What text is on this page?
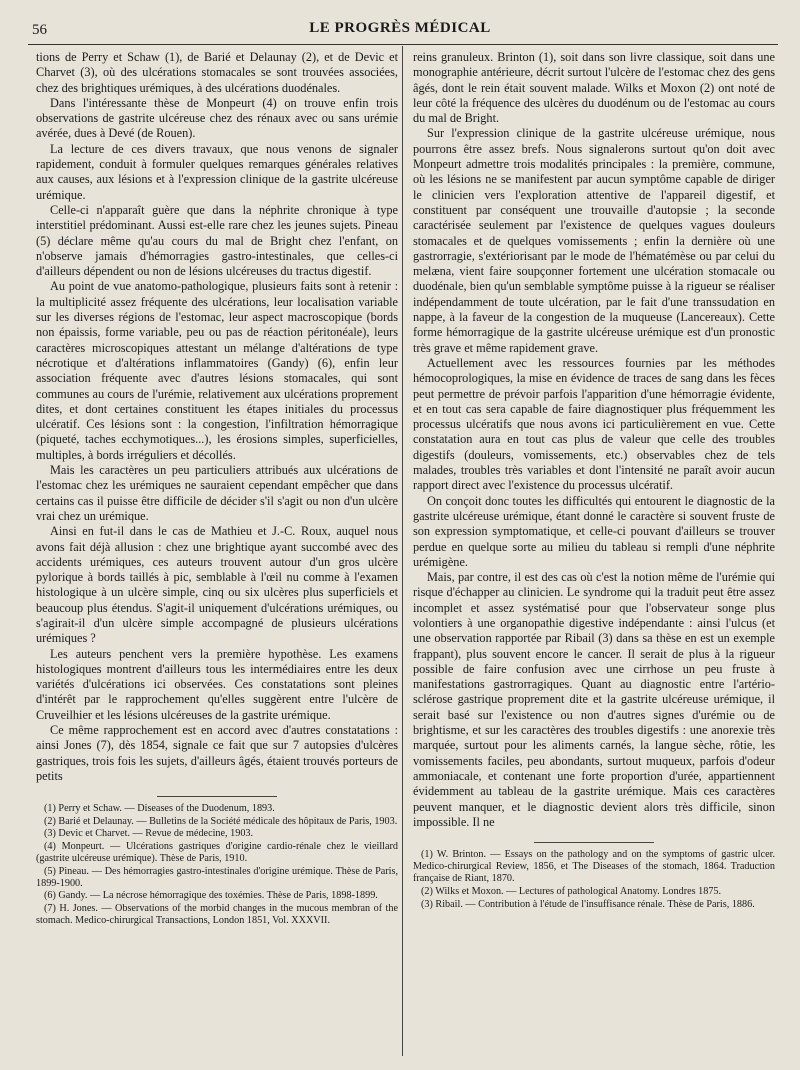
56	LE PROGRÈS MÉDICAL

tions de Perry et Schaw (1), de Barié et Delaunay (2), et de Devic et Charvet (3), où des ulcérations stomacales se sont trouvées associées, chez des brightiques urémiques, à des ulcérations duodénales.

Dans l'intéressante thèse de Monpeurt (4) on trouve enfin trois observations de gastrite ulcéreuse chez des rénaux avec ou sans urémie avérée, dues à Devé (de Rouen).

La lecture de ces divers travaux, que nous venons de signaler rapidement, conduit à formuler quelques remarques générales relatives aux causes, aux lésions et à l'expression clinique de la gastrite ulcéreuse urémique.

Celle-ci n'apparaît guère que dans la néphrite chronique à type interstitiel prédominant. Aussi est-elle rare chez les jeunes sujets. Pineau (5) déclare même qu'au cours du mal de Bright chez l'enfant, on n'observe jamais d'hémorragies gastro-intestinales, que celles-ci d'ailleurs dépendent ou non de lésions ulcéreuses du tractus digestif.

Au point de vue anatomo-pathologique, plusieurs faits sont à retenir : la multiplicité assez fréquente des ulcérations, leur localisation variable sur les diverses régions de l'estomac, leur aspect macroscopique (bords non épaissis, forme variable, peu ou pas de réaction péritonéale), leurs caractères microscopiques attestant un mélange d'altérations de type nécrotique et d'altérations inflammatoires (Gandy) (6), enfin leur association fréquente avec d'autres lésions stomacales, qui sont communes au cours de l'urémie, relativement aux ulcérations proprement dites, et dont certaines constituent les étapes initiales du processus ulcératif. Ces lésions sont : la congestion, l'infiltration hémorragique (piqueté, taches ecchymotiques...), les érosions simples, superficielles, multiples, à bords irréguliers et décollés.

Mais les caractères un peu particuliers attribués aux ulcérations de l'estomac chez les urémiques ne sauraient cependant empêcher que dans certains cas il puisse être difficile de décider s'il s'agit ou non d'un ulcère vrai chez un urémique.

Ainsi en fut-il dans le cas de Mathieu et J.-C. Roux, auquel nous avons fait déjà allusion : chez une brightique ayant succombé avec des accidents urémiques, ces auteurs trouvent autour d'un gros ulcère pylorique à bords taillés à pic, semblable à l'œil nu comme à l'examen histologique à un ulcère simple, cinq ou six ulcères plus superficiels et beaucoup plus étendus. S'agit-il uniquement d'ulcérations urémiques, ou s'agirait-il d'un ulcère simple accompagné de plusieurs ulcérations urémiques ?

Les auteurs penchent vers la première hypothèse. Les examens histologiques montrent d'ailleurs tous les intermédiaires entre les deux variétés d'ulcérations ici observées. Ces constatations sont pleines d'intérêt par le rapprochement qu'elles suggèrent entre l'ulcère de Cruveilhier et les lésions ulcéreuses de la gastrite urémique.

Ce même rapprochement est en accord avec d'autres constatations : ainsi Jones (7), dès 1854, signale ce fait que sur 7 autopsies d'ulcères gastriques, trois fois les sujets, d'ailleurs âgés, étaient trouvés porteurs de petits

(1) Perry et Schaw. — Diseases of the Duodenum, 1893.
(2) Barié et Delaunay. — Bulletins de la Société médicale des hôpitaux de Paris, 1903.
(3) Devic et Charvet. — Revue de médecine, 1903.
(4) Monpeurt. — Ulcérations gastriques d'origine cardio-rénale chez le vieillard (gastrite ulcéreuse urémique). Thèse de Paris, 1910.
(5) Pineau. — Des hémorragies gastro-intestinales d'origine urémique. Thèse de Paris, 1899-1900.
(6) Gandy. — La nécrose hémorragique des toxémies. Thèse de Paris, 1898-1899.
(7) H. Jones. — Observations of the morbid changes in the mucous membran of the stomach. Medico-chirurgical Transactions, London 1851, Vol. XXXVII.

reins granuleux. Brinton (1), soit dans son livre classique, soit dans une monographie antérieure, décrit surtout l'ulcère de l'estomac chez des gens âgés, dont le rein était souvent malade. Wilks et Moxon (2) ont noté de leur côté la fréquence des ulcères du duodénum ou de l'estomac au cours du mal de Bright.

Sur l'expression clinique de la gastrite ulcéreuse urémique, nous pourrons être assez brefs. Nous signalerons surtout qu'on doit avec Monpeurt admettre trois modalités principales : la première, commune, où les lésions ne se manifestent par aucun symptôme capable de diriger le clinicien vers l'exploration attentive de l'appareil digestif, et constituent par conséquent une trouvaille d'autopsie ; la seconde caractérisée seulement par l'existence de quelques vagues douleurs stomacales et de quelques vomissements ; enfin la dernière où une gastrorragie, s'extériorisant par le mode de l'hématémèse ou par celui du melæna, vient faire soupçonner fortement une ulcération stomacale ou duodénale, bien qu'un semblable symptôme puisse à la rigueur se réaliser indépendamment de toute ulcération, par le fait d'une transsudation en nappe, à la faveur de la congestion de la muqueuse (Lancereaux). Cette forme hémorragique de la gastrite ulcéreuse urémique est d'un pronostic très grave et même rapidement grave.

Actuellement avec les ressources fournies par les méthodes hémocoprologiques, la mise en évidence de traces de sang dans les fèces peut permettre de prévoir parfois l'apparition d'une hémorragie évidente, et en tout cas sera capable de faire diagnostiquer plus fréquemment les processus ulcératifs que nous avons ici particulièrement en vue. Cette constatation aura en tout cas plus de valeur que celle des troubles digestifs (douleurs, vomissements, etc.) observables chez de tels malades, troubles très variables et dont l'intensité ne paraît avoir aucun rapport direct avec l'existence du processus ulcératif.

On conçoit donc toutes les difficultés qui entourent le diagnostic de la gastrite ulcéreuse urémique, étant donné le caractère si souvent fruste de son expression symptomatique, et celle-ci pouvant d'ailleurs se trouver perdue en quelque sorte au milieu du tableau si rempli d'une néphrite urémigène.

Mais, par contre, il est des cas où c'est la notion même de l'urémie qui risque d'échapper au clinicien. Le syndrome qui la traduit peut être assez incomplet et assez systématisé pour que l'observateur songe plus volontiers à une organopathie digestive indépendante : ainsi l'ulcus (et une observation rapportée par Ribail (3) dans sa thèse en est un exemple frappant), plus souvent encore le cancer. Il serait de plus à la rigueur possible de faire confusion avec une cirrhose un peu fruste à manifestations gastrorragiques. Quant au diagnostic entre l'artério-sclérose gastrique proprement dite et la gastrite ulcéreuse urémique, il serait basé sur l'existence ou non d'autres signes d'urémie ou de brightisme, et sur les caractères des troubles digestifs : une anorexie très marquée, surtout pour les aliments carnés, la langue sèche, rôtie, les vomissements faciles, peu abondants, surtout muqueux, parfois d'odeur ammoniacale, et contenant une forte proportion d'urée, appartiennent évidemment au tableau de la gastrite urémique. Mais ces caractères peuvent manquer, et le diagnostic devient alors très difficile, sinon impossible. Il ne

(1) W. Brinton. — Essays on the pathology and on the symptoms of gastric ulcer. Medico-chirurgical Review, 1856, et The Diseases of the stomach, 1864. Traduction française de Riant, 1870.
(2) Wilks et Moxon. — Lectures of pathological Anatomy. Londres 1875.
(3) Ribail. — Contribution à l'étude de l'insuffisance rénale. Thèse de Paris, 1886.
